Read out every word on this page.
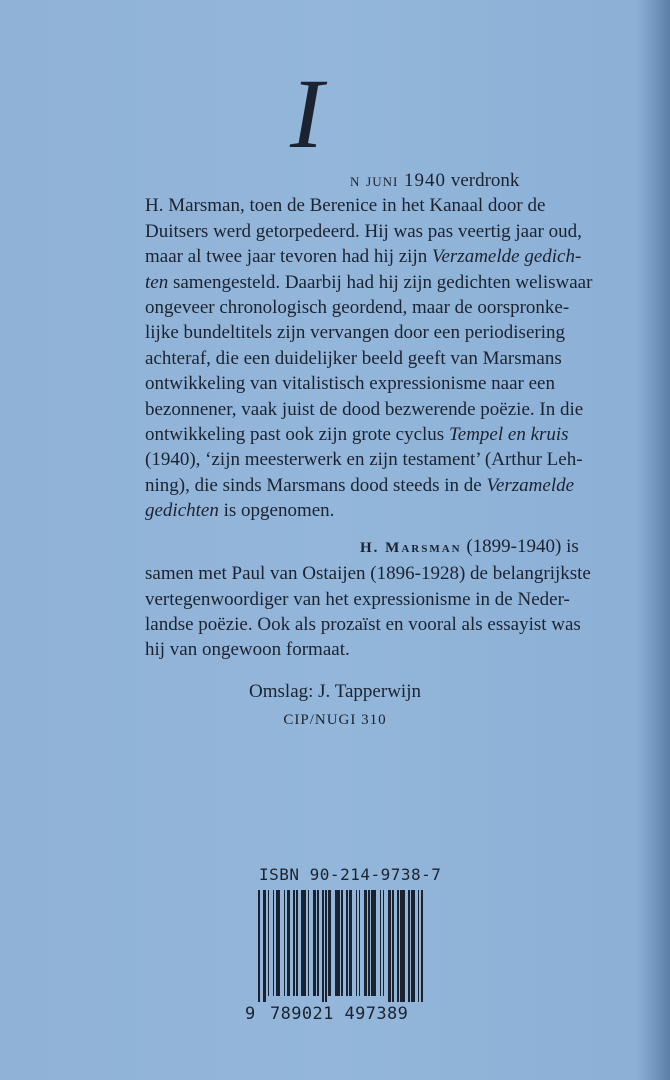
I
n juni 1940 verdronk
H. Marsman, toen de Berenice in het Kanaal door de
Duitsers werd getorpedeerd. Hij was pas veertig jaar oud,
maar al twee jaar tevoren had hij zijn Verzamelde gedich-
ten samengesteld. Daarbij had hij zijn gedichten weliswaar
ongeveer chronologisch geordend, maar de oorspronke-
lijke bundeltitels zijn vervangen door een periodisering
achteraf, die een duidelijker beeld geeft van Marsmans
ontwikkeling van vitalistisch expressionisme naar een
bezonnener, vaak juist de dood bezwerende poëzie. In die
ontwikkeling past ook zijn grote cyclus Tempel en kruis
(1940), ‘zijn meesterwerk en zijn testament’ (Arthur Leh-
ning), die sinds Marsmans dood steeds in de Verzamelde
gedichten is opgenomen.
H. Marsman (1899-1940) is
samen met Paul van Ostaijen (1896-1928) de belangrijkste
vertegenwoordiger van het expressionisme in de Neder-
landse poëzie. Ook als prozaïst en vooral als essayist was
hij van ongewoon formaat.
Omslag: J. Tapperwijn
CIP/NUGI 310
ISBN 90-214-9738-7
9 789021 497389
